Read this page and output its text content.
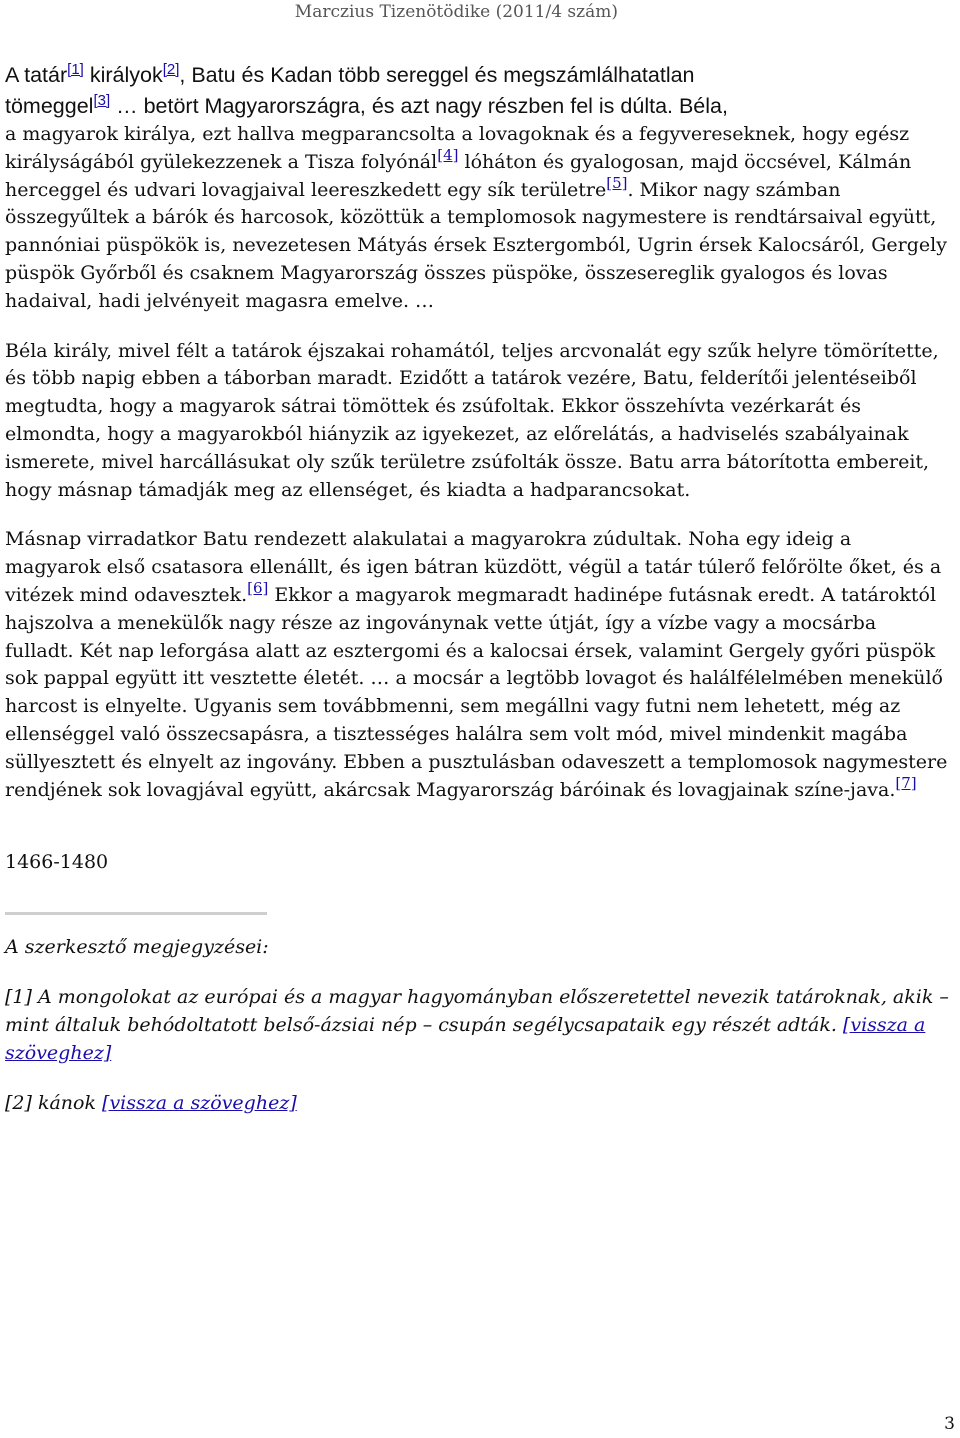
Marczius Tizenötödike (2011/4 szám)

A tatár[1] királyok[2], Batu és Kadan több sereggel és megszámlálhatatlan
tömeggel[3] … betört Magyarországra, és azt nagy részben fel is dúlta. Béla,

a magyarok királya, ezt hallva megparancsolta a lovagoknak és a fegyvereseknek, hogy egész királyságából gyülekezzenek a Tisza folyónál[4] lóháton és gyalogosan, majd öccsével, Kálmán herceggel és udvari lovagjaival leereszkedett egy sík területre[5]. Mikor nagy számban összegyűltek a bárók és harcosok, közöttük a templomosok nagymestere is rendtársaival együtt, pannóniai püspökök is, nevezetesen Mátyás érsek Esztergomból, Ugrin érsek Kalocsáról, Gergely püspök Győrből és csaknem Magyarország összes püspöke, összesereglik gyalogos és lovas hadaival, hadi jelvényeit magasra emelve. …

Béla király, mivel félt a tatárok éjszakai rohamától, teljes arcvonalát egy szűk helyre tömörítette, és több napig ebben a táborban maradt. Ezidőtt a tatárok vezére, Batu, felderítői jelentéseiből megtudta, hogy a magyarok sátrai tömöttek és zsúfoltak. Ekkor összehívta vezérkarát és elmondta, hogy a magyarokból hiányzik az igyekezet, az előrelátás, a hadviselés szabályainak ismerete, mivel harcállásukat oly szűk területre zsúfolták össze. Batu arra bátorította embereit, hogy másnap támadják meg az ellenséget, és kiadta a hadparancsokat.

Másnap virradatkor Batu rendezett alakulatai a magyarokra zúdultak. Noha egy ideig a magyarok első csatasora ellenállt, és igen bátran küzdött, végül a tatár túlerő felőrölte őket, és a vitézek mind odavesztek.[6] Ekkor a magyarok megmaradt hadinépe futásnak eredt. A tatároktól hajszolva a menekülők nagy része az ingoványnak vette útját, így a vízbe vagy a mocsárba fulladt. Két nap leforgása alatt az esztergomi és a kalocsai érsek, valamint Gergely győri püspök sok pappal együtt itt vesztette életét. … a mocsár a legtöbb lovagot és halálfélelmében menekülő harcost is elnyelte. Ugyanis sem továbbmenni, sem megállni vagy futni nem lehetett, még az ellenséggel való összecsapásra, a tisztességes halálra sem volt mód, mivel mindenkit magába süllyesztett és elnyelt az ingovány. Ebben a pusztulásban odaveszett a templomosok nagymestere rendjének sok lovagjával együtt, akárcsak Magyarország báróinak és lovagjainak színe-java.[7]

1466-1480

A szerkesztő megjegyzései:

[1] A mongolokat az európai és a magyar hagyományban előszeretettel nevezik tatároknak, akik – mint általuk behódoltatott belső-ázsiai nép – csupán segélycsapataik egy részét adták. [vissza a szöveghez]

[2] kánok [vissza a szöveghez]

3
